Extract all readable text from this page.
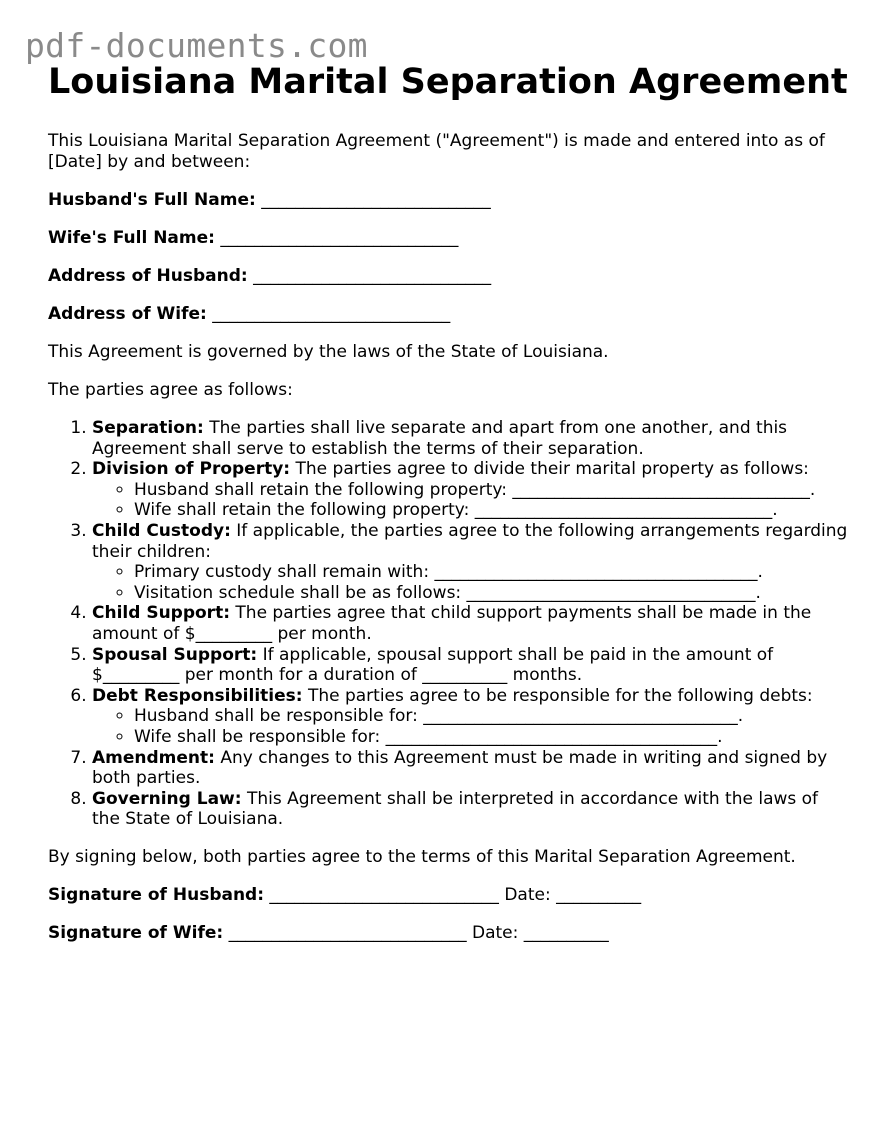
pdf-documents.com
Louisiana Marital Separation Agreement

This Louisiana Marital Separation Agreement ("Agreement") is made and entered into as of [Date] by and between:

Husband's Full Name: ___________________________

Wife's Full Name: ____________________________

Address of Husband: ____________________________

Address of Wife: ____________________________

This Agreement is governed by the laws of the State of Louisiana.

The parties agree as follows:

1. Separation: The parties shall live separate and apart from one another, and this Agreement shall serve to establish the terms of their separation.
2. Division of Property: The parties agree to divide their marital property as follows:
◦ Husband shall retain the following property: ___________________________________.
◦ Wife shall retain the following property: ___________________________________.
3. Child Custody: If applicable, the parties agree to the following arrangements regarding their children:
◦ Primary custody shall remain with: ______________________________________.
◦ Visitation schedule shall be as follows: __________________________________.
4. Child Support: The parties agree that child support payments shall be made in the amount of $_________ per month.
5. Spousal Support: If applicable, spousal support shall be paid in the amount of $_________ per month for a duration of __________ months.
6. Debt Responsibilities: The parties agree to be responsible for the following debts:
◦ Husband shall be responsible for: _____________________________________.
◦ Wife shall be responsible for: _______________________________________.
7. Amendment: Any changes to this Agreement must be made in writing and signed by both parties.
8. Governing Law: This Agreement shall be interpreted in accordance with the laws of the State of Louisiana.

By signing below, both parties agree to the terms of this Marital Separation Agreement.

Signature of Husband: ___________________________ Date: __________

Signature of Wife: ____________________________ Date: __________
